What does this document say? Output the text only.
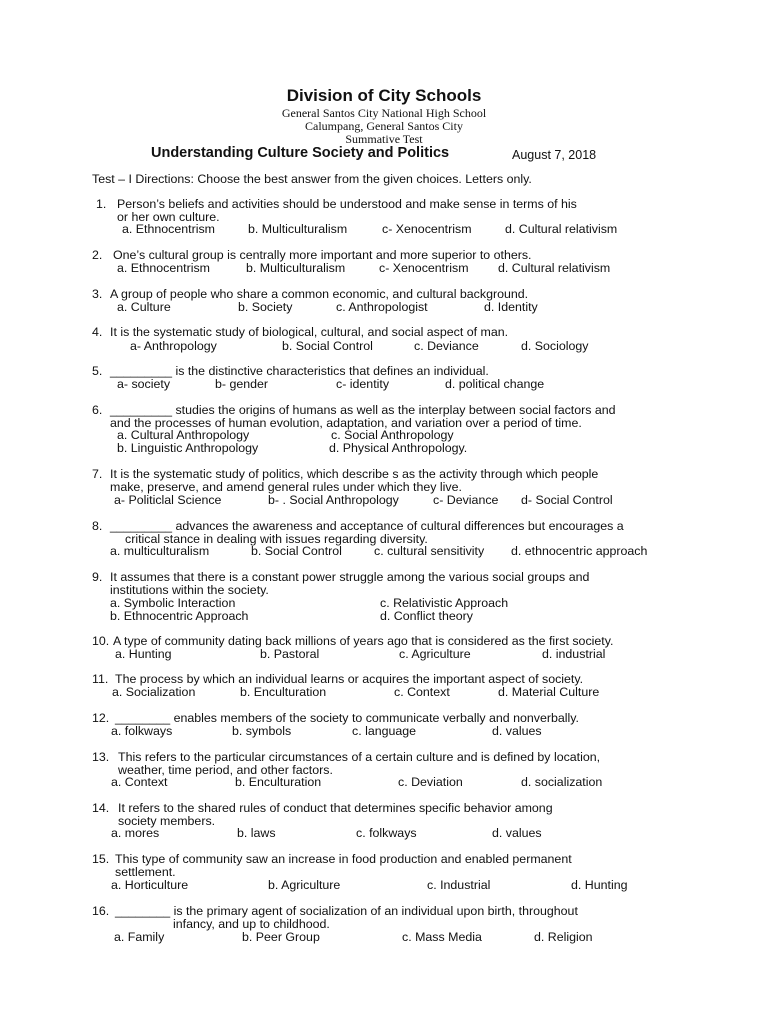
Division of City Schools
General Santos City National High School
Calumpang, General Santos City
Summative Test
Understanding Culture Society and Politics	August 7, 2018
Test – I Directions: Choose the best answer from the given choices. Letters only.
1. Person’s beliefs and activities should be understood and make sense in terms of his
or her own culture.
a. Ethnocentrism	b. Multiculturalism	c- Xenocentrism	d. Cultural relativism
2. One’s cultural group is centrally more important and more superior to others.
a. Ethnocentrism	b. Multiculturalism	c- Xenocentrism d. Cultural relativism
3. A group of people who share a common economic, and cultural background.
a. Culture	b. Society	c. Anthropologist	d. Identity
4. It is the systematic study of biological, cultural, and social aspect of man.
a- Anthropology	b. Social Control	c. Deviance	d. Sociology
5. _________ is the distinctive characteristics that defines an individual.
a- society	b- gender	c- identity	d. political change
6. _________ studies the origins of humans as well as the interplay between social factors and
and the processes of human evolution, adaptation, and variation over a period of time.
a. Cultural Anthropology	c. Social Anthropology
b. Linguistic Anthropology	d. Physical Anthropology.
7. It is the systematic study of politics, which describe s as the activity through which people
make, preserve, and amend general rules under which they live.
a- Politiclal Science	b- . Social Anthropology	c- Deviance d- Social Control
8. _________ advances the awareness and acceptance of cultural differences but encourages a
critical stance in dealing with issues regarding diversity.
a. multiculturalism	b. Social Control	c. cultural sensitivity d. ethnocentric approach
9. It assumes that there is a constant power struggle among the various social groups and
institutions within the society.
a. Symbolic Interaction	c. Relativistic Approach
b. Ethnocentric Approach	d. Conflict theory
10. A type of community dating back millions of years ago that is considered as the first society.
a. Hunting	b. Pastoral	c. Agriculture	d. industrial
11. The process by which an individual learns or acquires the important aspect of society.
a. Socialization	b. Enculturation	c. Context	d. Material Culture
12. ________ enables members of the society to communicate verbally and nonverbally.
a. folkways	b. symbols	c. language	d. values
13. This refers to the particular circumstances of a certain culture and is defined by location,
weather, time period, and other factors.
a. Context	b. Enculturation	c. Deviation	d. socialization
14. It refers to the shared rules of conduct that determines specific behavior among
society members.
a. mores	b. laws	c. folkways	d. values
15. This type of community saw an increase in food production and enabled permanent
settlement.
a. Horticulture	b. Agriculture	c. Industrial	d. Hunting
16. ________ is the primary agent of socialization of an individual upon birth, throughout
infancy, and up to childhood.
a. Family	b. Peer Group	c. Mass Media	d. Religion
